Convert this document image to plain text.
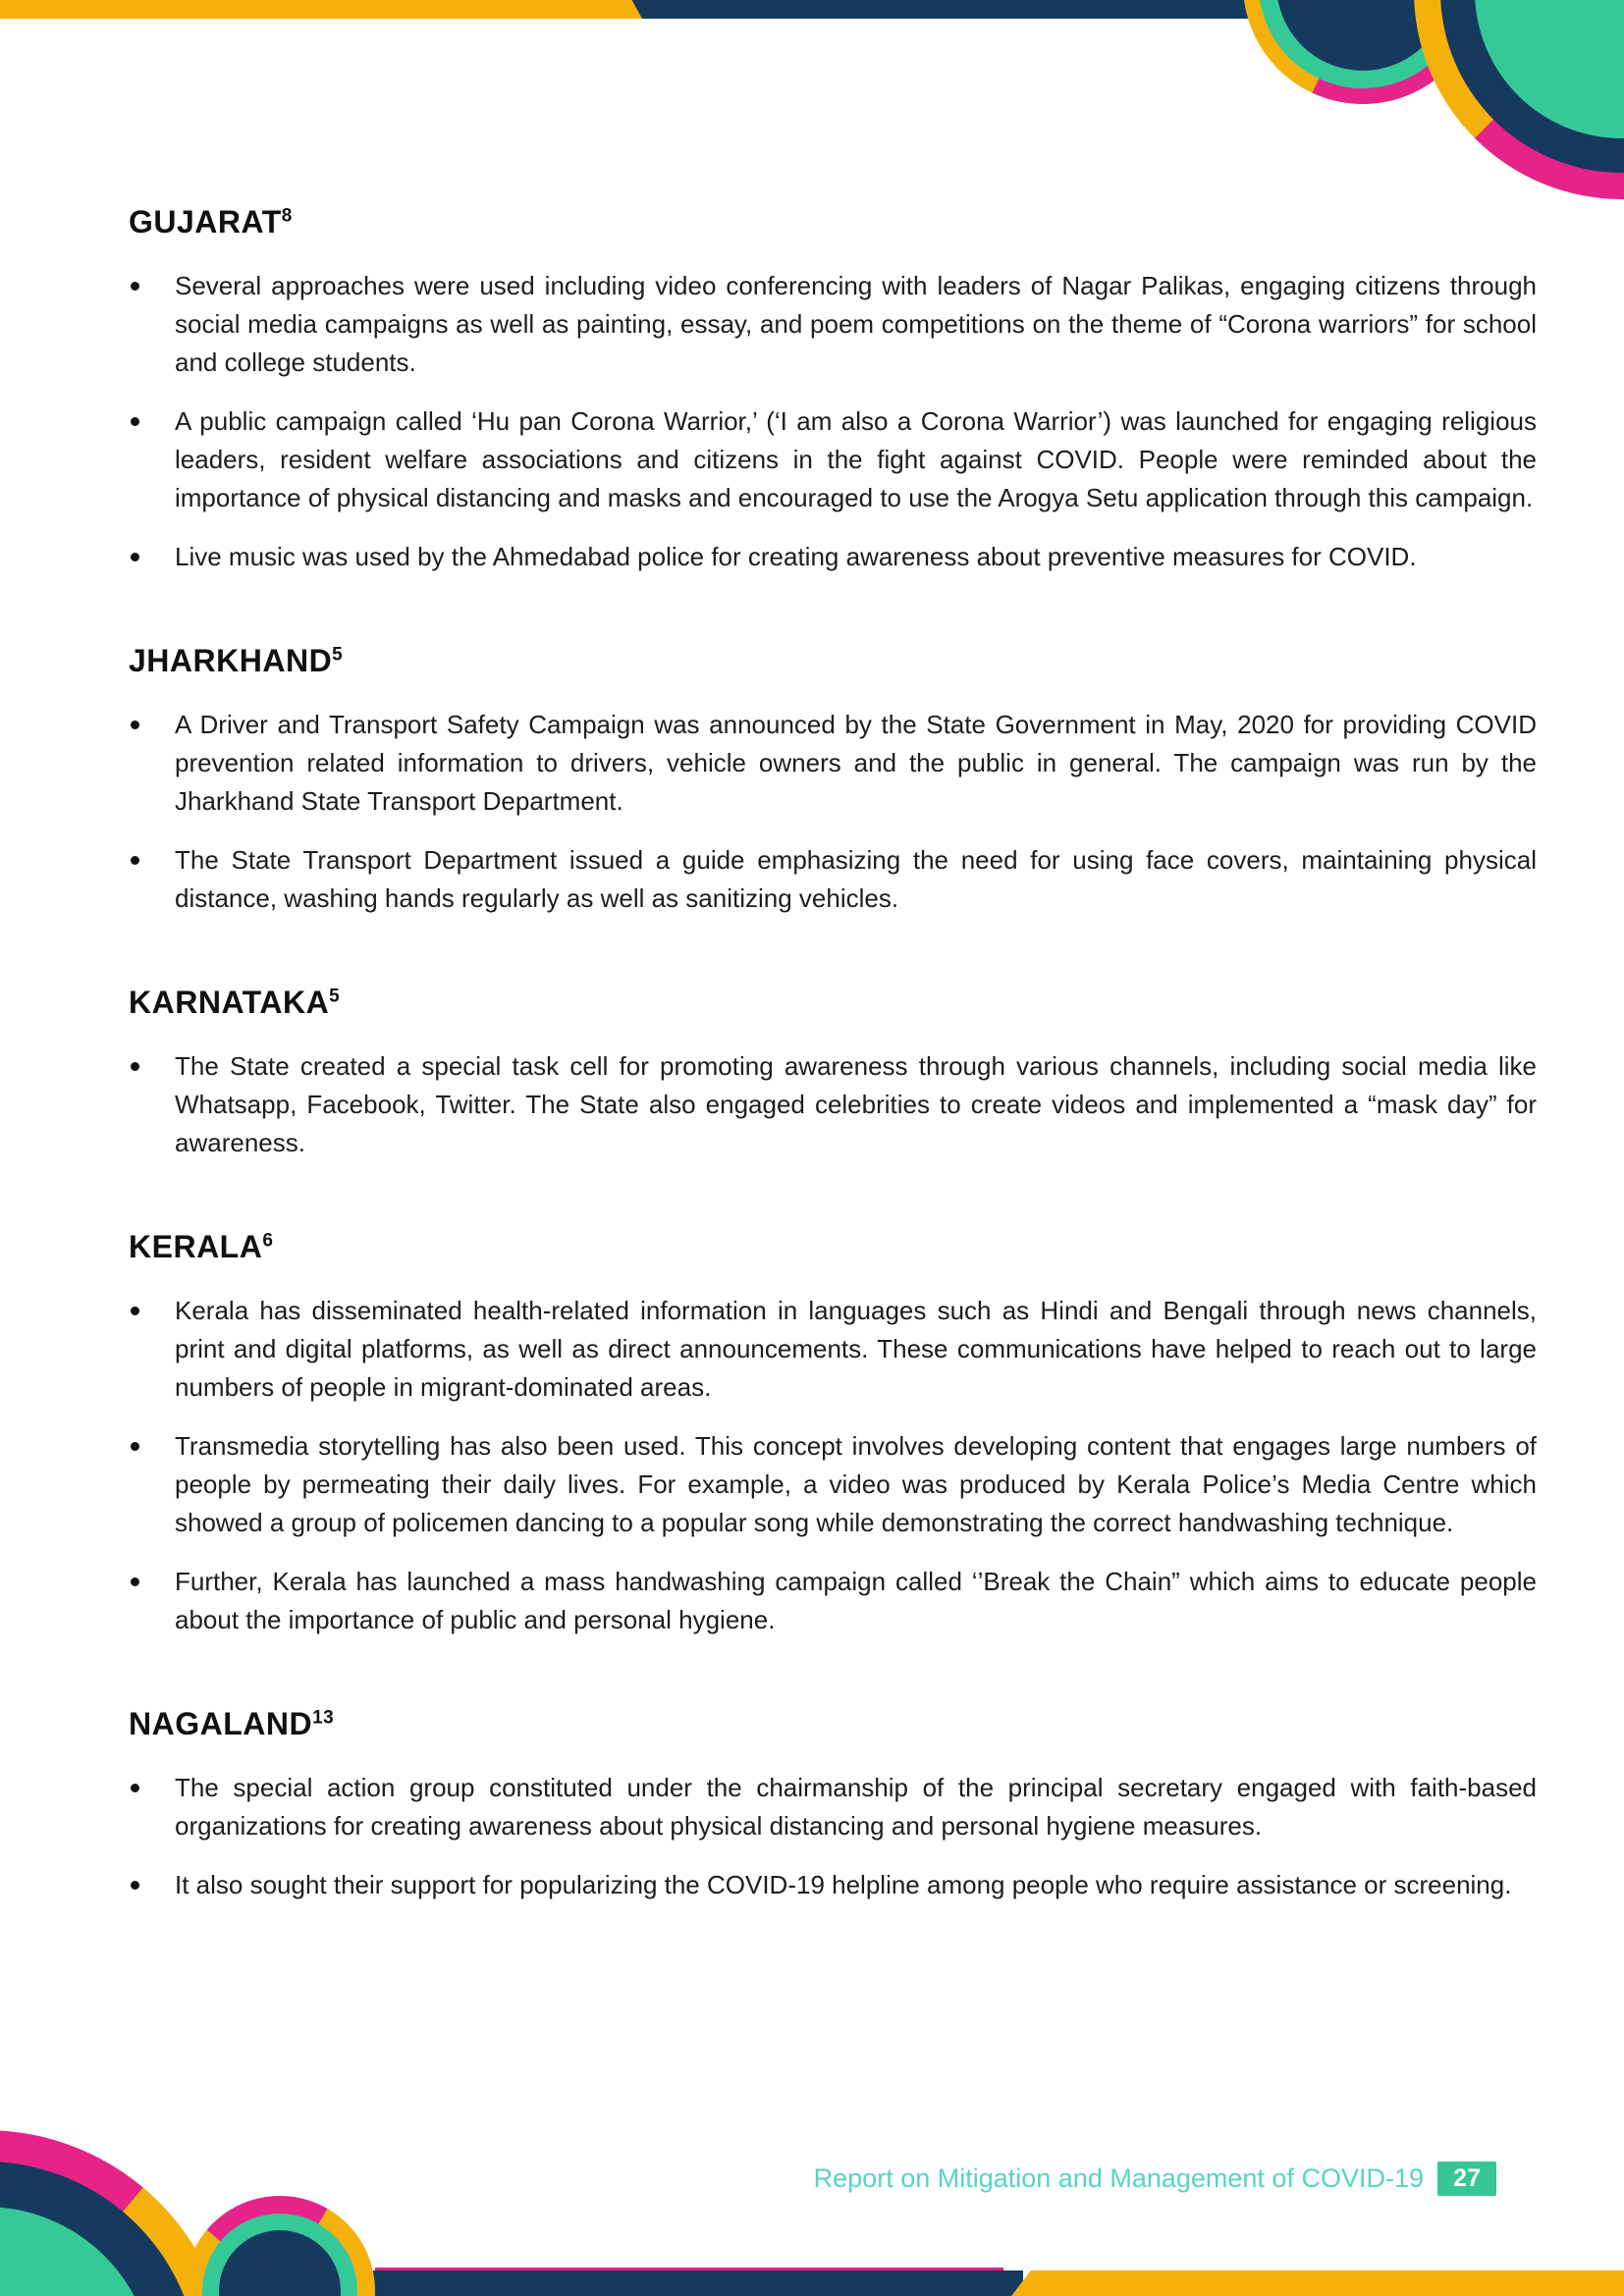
GUJARAT$^8$
Several approaches were used including video conferencing with leaders of Nagar Palikas, engaging citizens through social media campaigns as well as painting, essay, and poem competitions on the theme of “Corona warriors” for school and college students.
A public campaign called ‘Hu pan Corona Warrior,’ (‘I am also a Corona Warrior’) was launched for engaging religious leaders, resident welfare associations and citizens in the fight against COVID. People were reminded about the importance of physical distancing and masks and encouraged to use the Arogya Setu application through this campaign.
Live music was used by the Ahmedabad police for creating awareness about preventive measures for COVID.
JHARKHAND$^5$
A Driver and Transport Safety Campaign was announced by the State Government in May, 2020 for providing COVID prevention related information to drivers, vehicle owners and the public in general. The campaign was run by the Jharkhand State Transport Department.
The State Transport Department issued a guide emphasizing the need for using face covers, maintaining physical distance, washing hands regularly as well as sanitizing vehicles.
KARNATAKA$^5$
The State created a special task cell for promoting awareness through various channels, including social media like Whatsapp, Facebook, Twitter. The State also engaged celebrities to create videos and implemented a “mask day” for awareness.
KERALA$^6$
Kerala has disseminated health-related information in languages such as Hindi and Bengali through news channels, print and digital platforms, as well as direct announcements. These communications have helped to reach out to large numbers of people in migrant-dominated areas.
Transmedia storytelling has also been used. This concept involves developing content that engages large numbers of people by permeating their daily lives. For example, a video was produced by Kerala Police’s Media Centre which showed a group of policemen dancing to a popular song while demonstrating the correct handwashing technique.
Further, Kerala has launched a mass handwashing campaign called ‘’Break the Chain” which aims to educate people about the importance of public and personal hygiene.
NAGALAND$^{13}$
The special action group constituted under the chairmanship of the principal secretary engaged with faith-based organizations for creating awareness about physical distancing and personal hygiene measures.
It also sought their support for popularizing the COVID-19 helpline among people who require assistance or screening.
Report on Mitigation and Management of COVID-19	27
